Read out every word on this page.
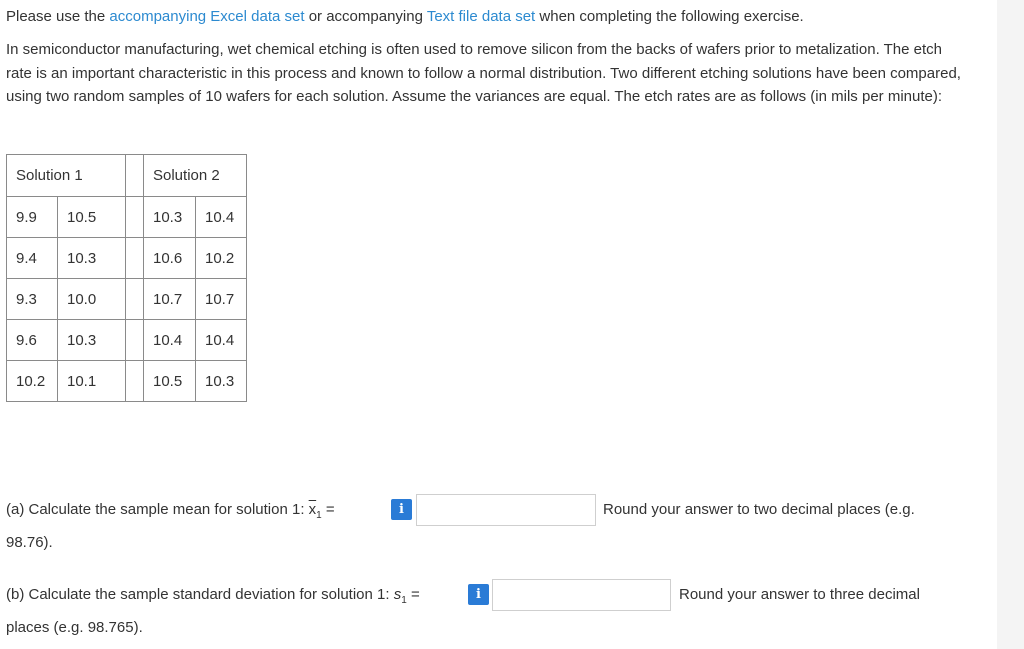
Please use the accompanying Excel data set or accompanying Text file data set when completing the following exercise.

In semiconductor manufacturing, wet chemical etching is often used to remove silicon from the backs of wafers prior to metalization. The etch rate is an important characteristic in this process and known to follow a normal distribution. Two different etching solutions have been compared, using two random samples of 10 wafers for each solution. Assume the variances are equal. The etch rates are as follows (in mils per minute):

Solution 1			Solution 2	
9.9	10.5		10.3	10.4
9.4	10.3		10.6	10.2
9.3	10.0		10.7	10.7
9.6	10.3		10.4	10.4
10.2	10.1		10.5	10.3
(a) Calculate the sample mean for solution 1: $\overline{x}_1$ =	i	Round your answer to two decimal places (e.g.
98.76).
(b) Calculate the sample standard deviation for solution 1: $s_1$ =	i	Round your answer to three decimal
places (e.g. 98.765).
